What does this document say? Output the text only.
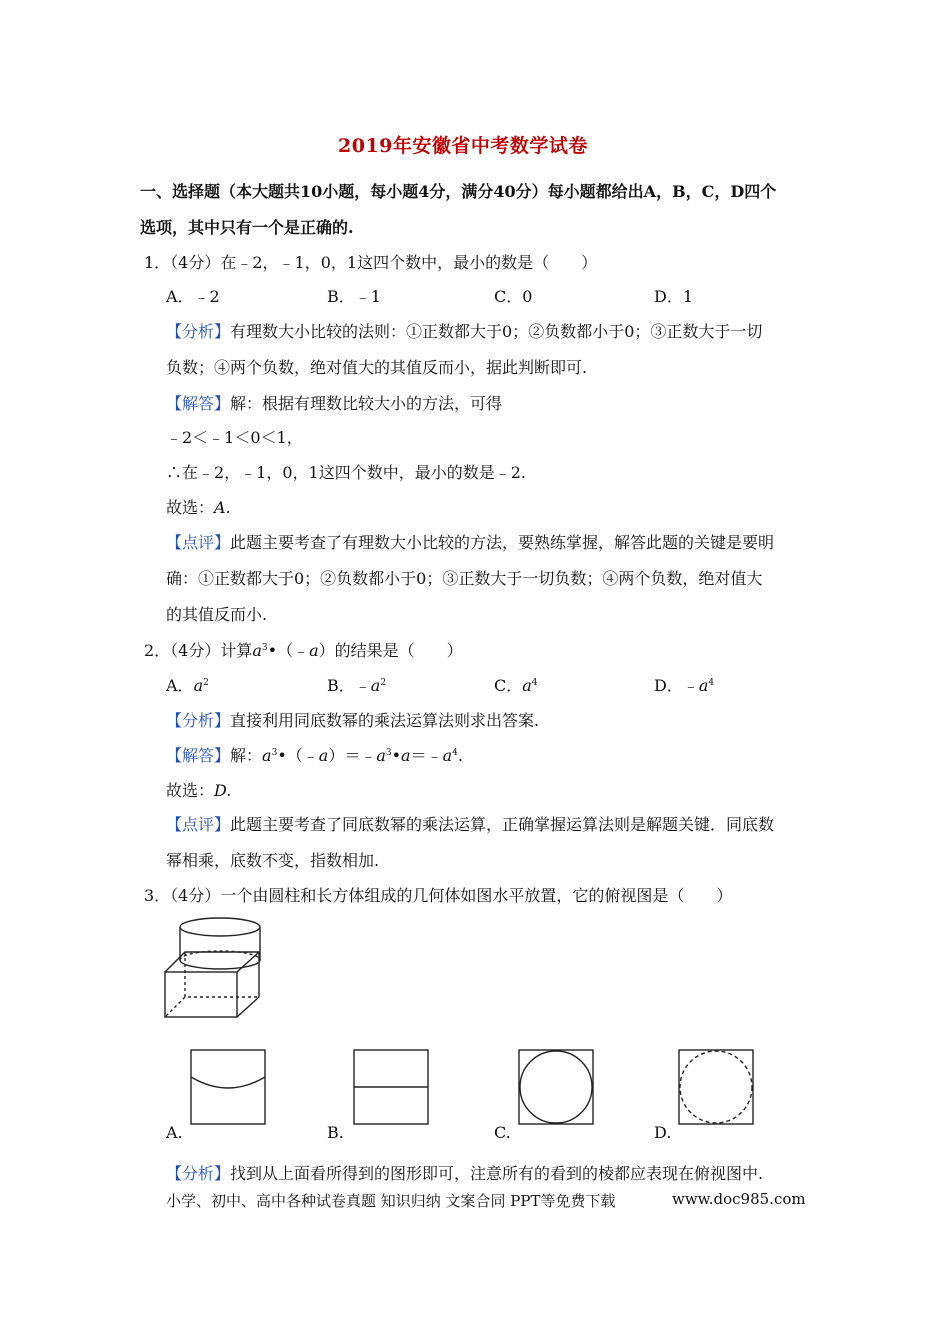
2019年安徽省中考数学试卷
一、选择题（本大题共10小题，每小题4分，满分40分）每小题都给出A，B，C，D四个
选项，其中只有一个是正确的.
1．（4分）在﹣2，﹣1，0，1这四个数中，最小的数是（　　）
A．﹣2	B．﹣1	C．0	D．1
【分析】有理数大小比较的法则：①正数都大于0；②负数都小于0；③正数大于一切
负数；④两个负数，绝对值大的其值反而小，据此判断即可.
【解答】解：根据有理数比较大小的方法，可得
﹣2＜﹣1＜0＜1，
∴在﹣2，﹣1，0，1这四个数中，最小的数是﹣2.
故选：A.
【点评】此题主要考查了有理数大小比较的方法，要熟练掌握，解答此题的关键是要明
确：①正数都大于0；②负数都小于0；③正数大于一切负数；④两个负数，绝对值大
的其值反而小.
2．（4分）计算$a^3•(﹣a)$的结果是（　　）
A．$a^2$	B．$﹣a^2$	C．$a^4$	D．$﹣a^4$
【分析】直接利用同底数幂的乘法运算法则求出答案.
【解答】解：$a^3•(﹣a)=﹣a^3•a=﹣a^4$.
故选：D.
【点评】此题主要考查了同底数幂的乘法运算，正确掌握运算法则是解题关键．同底数
幂相乘，底数不变，指数相加.
3．（4分）一个由圆柱和长方体组成的几何体如图水平放置，它的俯视图是（　　）
A.	B.	C.	D.
【分析】找到从上面看所得到的图形即可，注意所有的看到的棱都应表现在俯视图中.
小学、初中、高中各种试卷真题 知识归纳 文案合同 PPT等免费下载	www.doc985.com
